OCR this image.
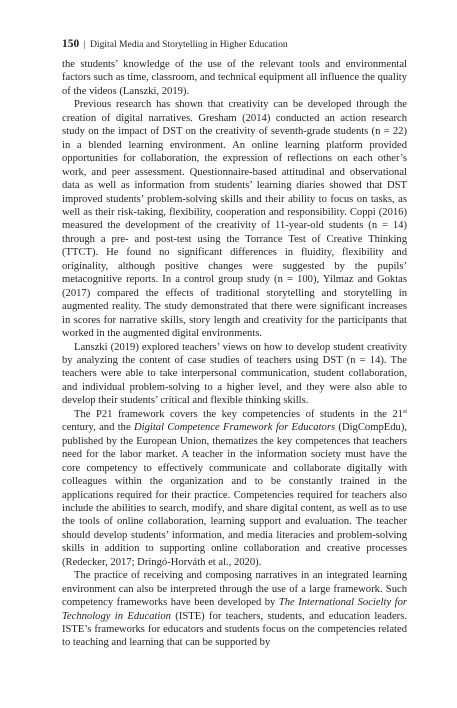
150 | Digital Media and Storytelling in Higher Education

the students’ knowledge of the use of the relevant tools and environmental factors such as time, classroom, and technical equipment all influence the quality of the videos (Lanszki, 2019).

Previous research has shown that creativity can be developed through the creation of digital narratives. Gresham (2014) conducted an action research study on the impact of DST on the creativity of seventh-grade students (n = 22) in a blended learning environment. An online learning platform provided opportunities for collaboration, the expression of reflections on each other’s work, and peer assessment. Questionnaire-based attitudinal and observational data as well as information from students’ learning diaries showed that DST improved students’ problem-solving skills and their ability to focus on tasks, as well as their risk-taking, flexibility, cooperation and responsibility. Coppi (2016) measured the development of the creativity of 11-year-old students (n = 14) through a pre- and post-test using the Torrance Test of Creative Thinking (TTCT). He found no significant differences in fluidity, flexibility and originality, although positive changes were suggested by the pupils’ metacognitive reports. In a control group study (n = 100), Yilmaz and Goktas (2017) compared the effects of traditional storytelling and storytelling in augmented reality. The study demonstrated that there were significant increases in scores for narrative skills, story length and creativity for the participants that worked in the augmented digital environments.

Lanszki (2019) explored teachers’ views on how to develop student creativity by analyzing the content of case studies of teachers using DST (n = 14). The teachers were able to take interpersonal communication, student collaboration, and individual problem-solving to a higher level, and they were also able to develop their students’ critical and flexible thinking skills.

The P21 framework covers the key competencies of students in the 21st century, and the Digital Competence Framework for Educators (DigCompEdu), published by the European Union, thematizes the key competences that teachers need for the labor market. A teacher in the information society must have the core competency to effectively communicate and collaborate digitally with colleagues within the organization and to be constantly trained in the applications required for their practice. Competencies required for teachers also include the abilities to search, modify, and share digital content, as well as to use the tools of online collaboration, learning support and evaluation. The teacher should develop students’ information, and media literacies and problem-solving skills in addition to supporting online collaboration and creative processes (Redecker, 2017; Dringó-Horváth et al., 2020).

The practice of receiving and composing narratives in an integrated learning environment can also be interpreted through the use of a large framework. Such competency frameworks have been developed by The International Socielty for Technology in Education (ISTE) for teachers, students, and education leaders. ISTE’s frameworks for educators and students focus on the competencies related to teaching and learning that can be supported by
